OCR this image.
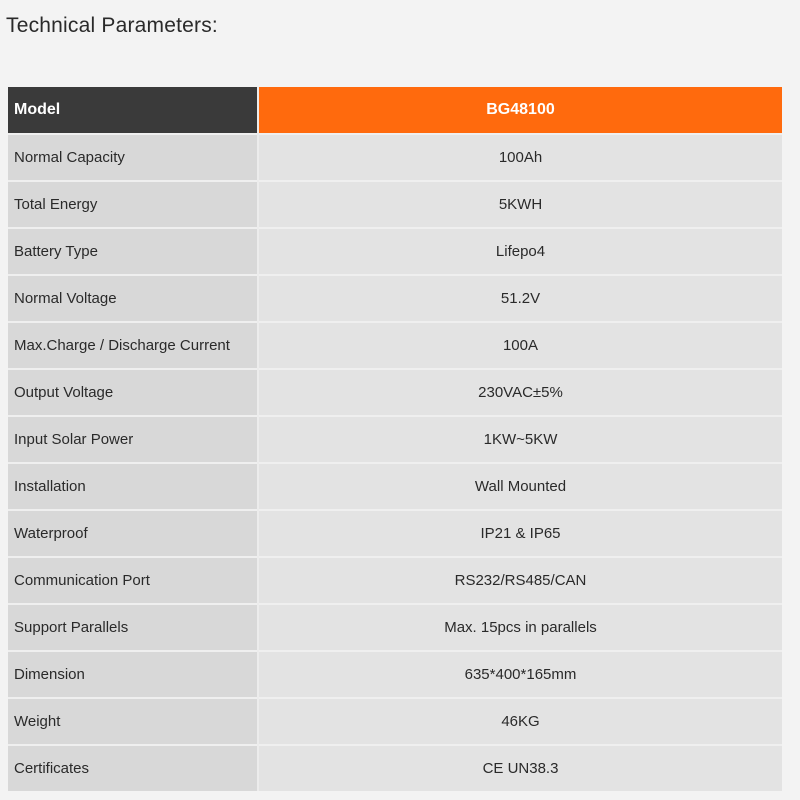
Technical Parameters:
Model	BG48100
Normal Capacity	100Ah
Total Energy	5KWH
Battery Type	Lifepo4
Normal Voltage	51.2V
Max.Charge / Discharge Current	100A
Output Voltage	230VAC±5%
Input Solar Power	1KW~5KW
Installation	Wall Mounted
Waterproof	IP21 & IP65
Communication Port	RS232/RS485/CAN
Support Parallels	Max. 15pcs in parallels
Dimension	635*400*165mm
Weight	46KG
Certificates	CE UN38.3
